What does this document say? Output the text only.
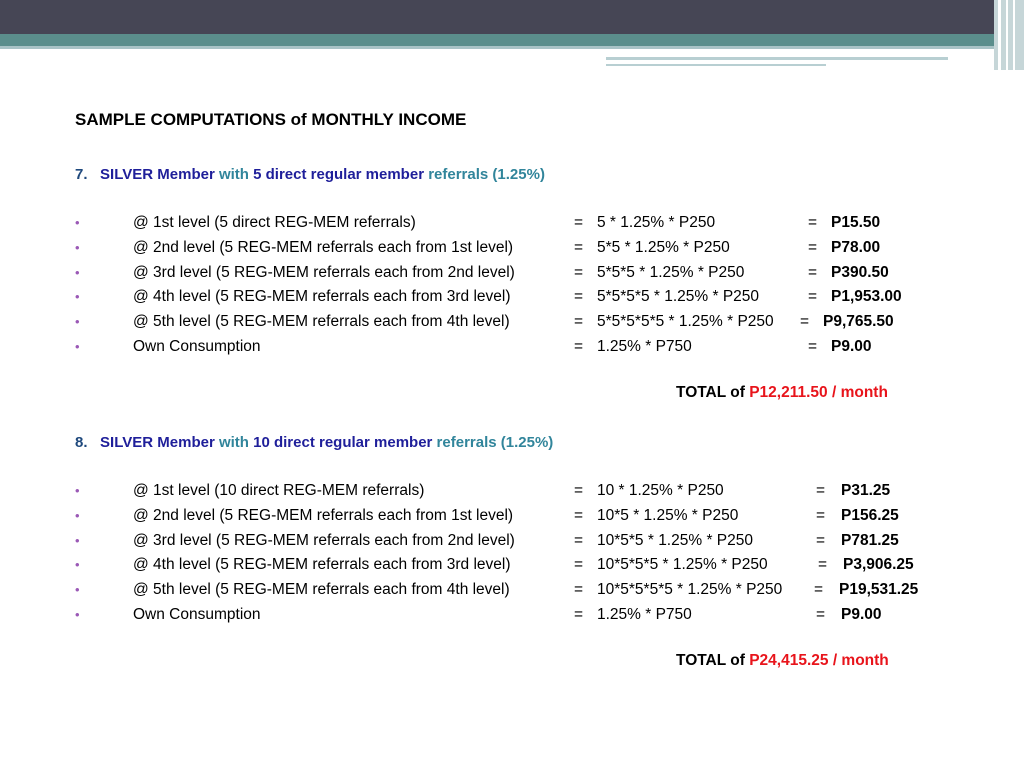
SAMPLE COMPUTATIONS of MONTHLY INCOME
7. SILVER Member with 5 direct regular member referrals (1.25%)
•	@ 1st level (5 direct REG-MEM referrals)	= 5 * 1.25% * P250	= P15.50
•	@ 2nd level (5 REG-MEM referrals each from 1st level)	= 5*5 * 1.25% * P250	= P78.00
•	@ 3rd level (5 REG-MEM referrals each from 2nd level)	= 5*5*5 * 1.25% * P250	= P390.50
•	@ 4th level (5 REG-MEM referrals each from 3rd level)	= 5*5*5*5 * 1.25% * P250	= P1,953.00
•	@ 5th level (5 REG-MEM referrals each from 4th level)	= 5*5*5*5*5 * 1.25% * P250 = P9,765.50
•	Own Consumption	= 1.25% * P750	= P9.00
TOTAL of P12,211.50 / month
8. SILVER Member with 10 direct regular member referrals (1.25%)
•	@ 1st level (10 direct REG-MEM referrals)	= 10 * 1.25% * P250	= P31.25
•	@ 2nd level (5 REG-MEM referrals each from 1st level)	= 10*5 * 1.25% * P250	= P156.25
•	@ 3rd level (5 REG-MEM referrals each from 2nd level)	= 10*5*5 * 1.25% * P250	= P781.25
•	@ 4th level (5 REG-MEM referrals each from 3rd level)	= 10*5*5*5 * 1.25% * P250	= P3,906.25
•	@ 5th level (5 REG-MEM referrals each from 4th level)	= 10*5*5*5*5 * 1.25% * P250 = P19,531.25
•	Own Consumption	= 1.25% * P750	= P9.00
TOTAL of P24,415.25 / month
